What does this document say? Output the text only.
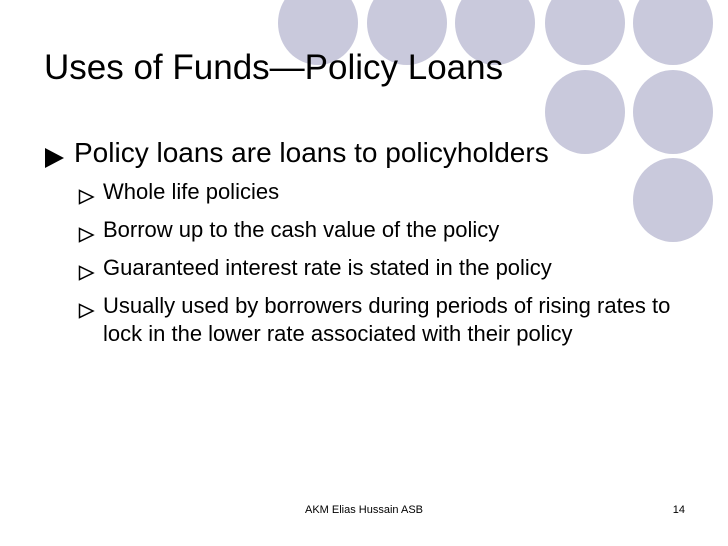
Uses of Funds—Policy Loans
Policy loans are loans to policyholders
Whole life policies
Borrow up to the cash value of the policy
Guaranteed interest rate is stated in the policy
Usually used by borrowers during periods of rising rates to lock in the lower rate associated with their policy
AKM Elias Hussain ASB	14
